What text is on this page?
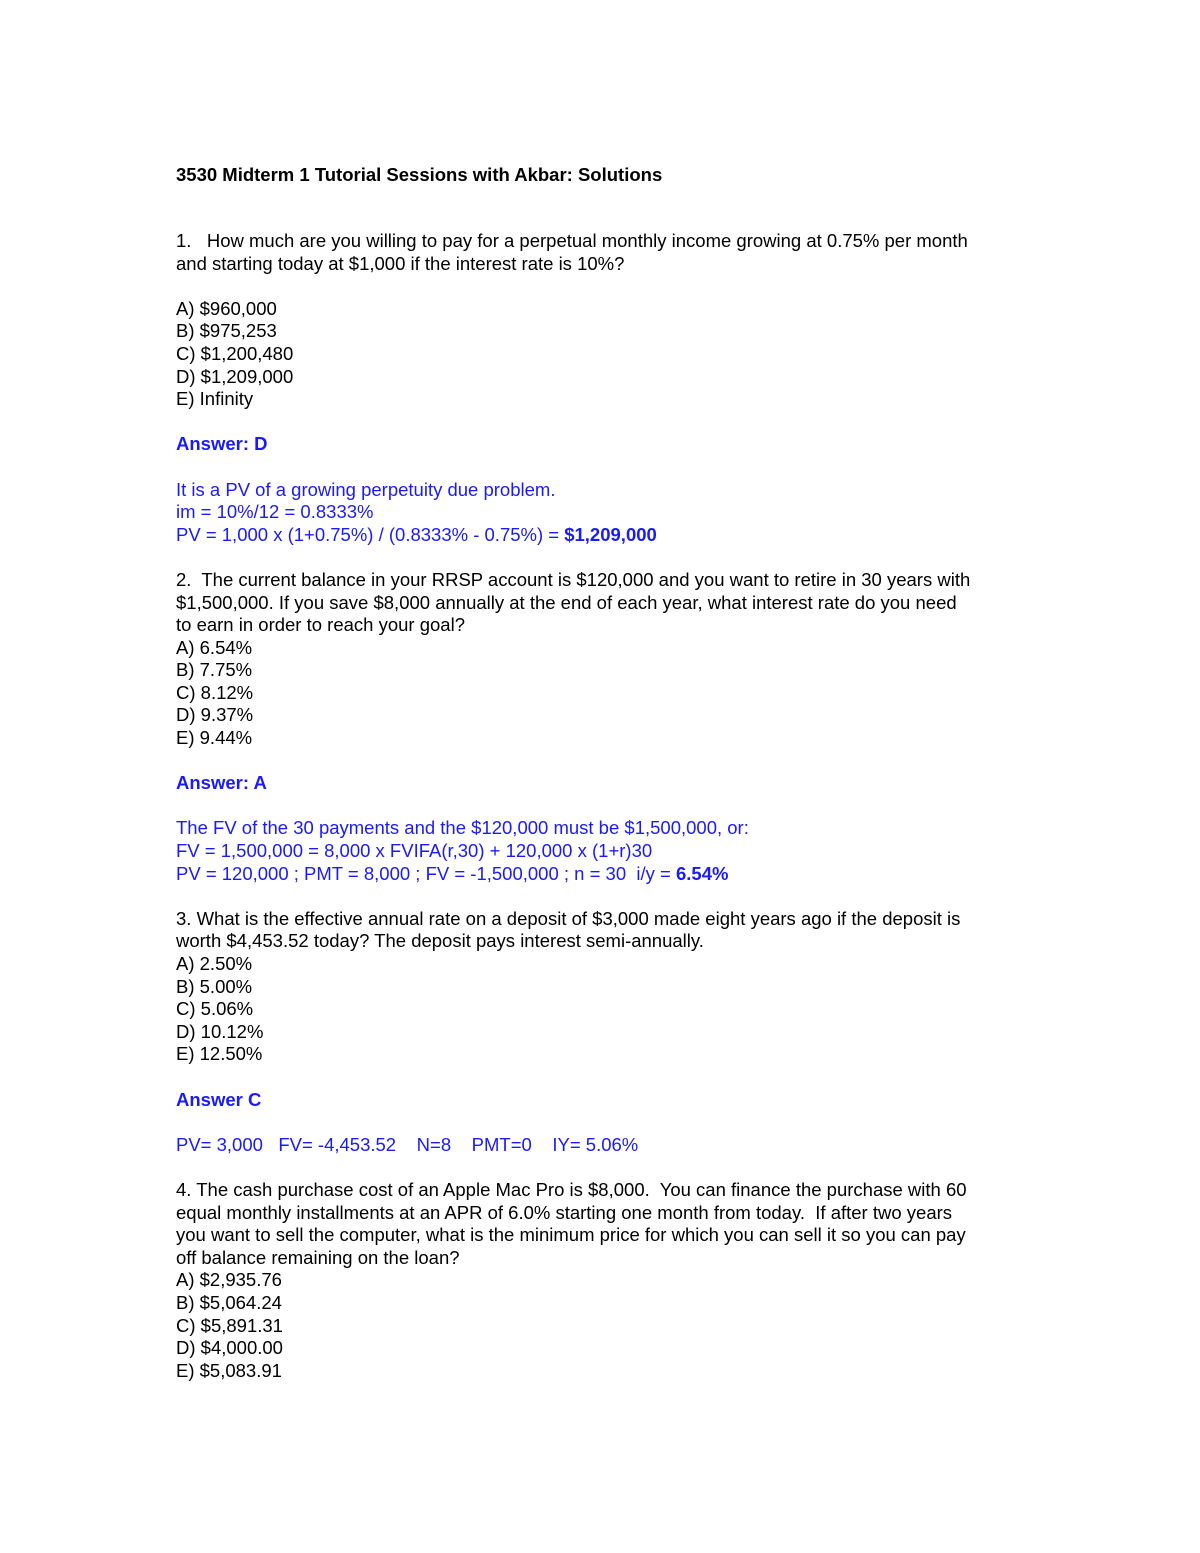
3530 Midterm 1 Tutorial Sessions with Akbar: Solutions
1.   How much are you willing to pay for a perpetual monthly income growing at 0.75% per month
and starting today at $1,000 if the interest rate is 10%?
A) $960,000
B) $975,253
C) $1,200,480
D) $1,209,000
E) Infinity
Answer: D
It is a PV of a growing perpetuity due problem.
im = 10%/12 = 0.8333%
PV = 1,000 x (1+0.75%) / (0.8333% - 0.75%) = $1,209,000
2.  The current balance in your RRSP account is $120,000 and you want to retire in 30 years with
$1,500,000. If you save $8,000 annually at the end of each year, what interest rate do you need
to earn in order to reach your goal?
A) 6.54%
B) 7.75%
C) 8.12%
D) 9.37%
E) 9.44%
Answer: A
The FV of the 30 payments and the $120,000 must be $1,500,000, or:
FV = 1,500,000 = 8,000 x FVIFA(r,30) + 120,000 x (1+r)30
PV = 120,000 ; PMT = 8,000 ; FV = -1,500,000 ; n = 30  i/y = 6.54%
3. What is the effective annual rate on a deposit of $3,000 made eight years ago if the deposit is
worth $4,453.52 today? The deposit pays interest semi-annually.
A) 2.50%
B) 5.00%
C) 5.06%
D) 10.12%
E) 12.50%
Answer C
PV= 3,000   FV= -4,453.52    N=8    PMT=0    IY= 5.06%
4. The cash purchase cost of an Apple Mac Pro is $8,000.  You can finance the purchase with 60
equal monthly installments at an APR of 6.0% starting one month from today.  If after two years
you want to sell the computer, what is the minimum price for which you can sell it so you can pay
off balance remaining on the loan?
A) $2,935.76
B) $5,064.24
C) $5,891.31
D) $4,000.00
E) $5,083.91
